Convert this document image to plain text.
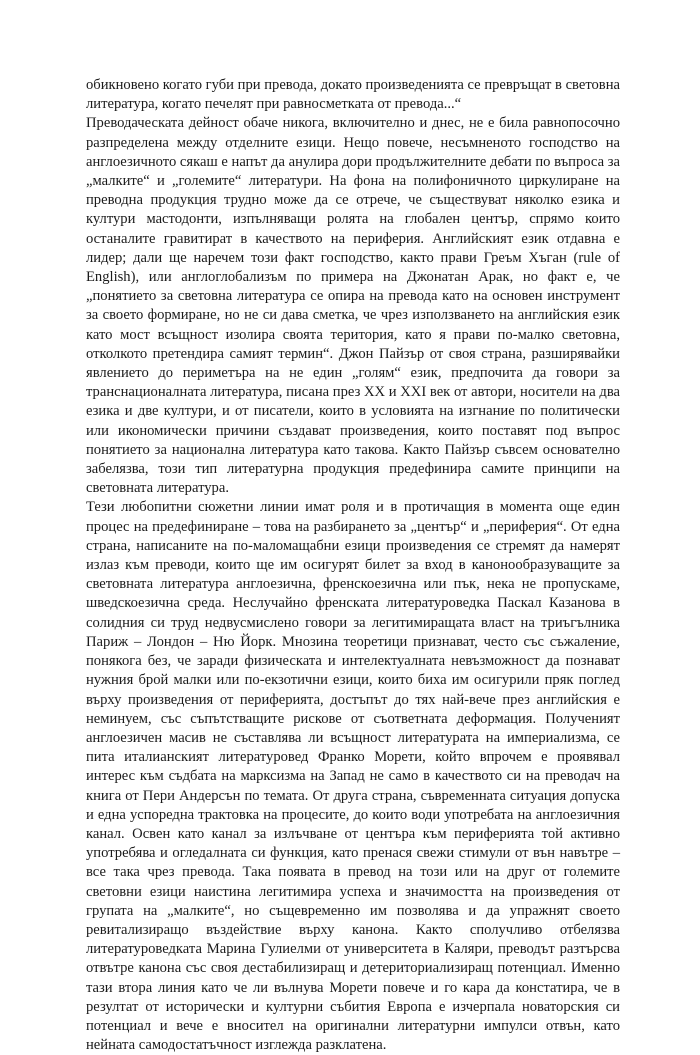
обикновено когато губи при превода, докато произведенията се превръщат в световна литература, когато печелят при равносметката от превода...“

Преводаческата дейност обаче никога, включително и днес, не е била равнопосочно разпределена между отделните езици. Нещо повече, несъмненото господство на англоезичното сякаш е напът да анулира дори продължителните дебати по въпроса за „малките“ и „големите“ литератури. На фона на полифоничното циркулиране на преводна продукция трудно може да се отрече, че съществуват няколко езика и култури мастодонти, изпълняващи ролята на глобален център, спрямо които останалите гравитират в качеството на периферия. Английският език отдавна е лидер; дали ще наречем този факт господство, както прави Греъм Хъган (rule of English), или англоглобализъм по примера на Джонатан Арак, но факт е, че „понятието за световна литература се опира на превода като на основен инструмент за своето формиране, но не си дава сметка, че чрез използването на английския език като мост всъщност изолира своята територия, като я прави по-малко световна, отколкото претендира самият термин“. Джон Пайзър от своя страна, разширявайки явлението до периметъра на не един „голям“ език, предпочита да говори за транснационалната литература, писана през XX и XXI век от автори, носители на два езика и две култури, и от писатели, които в условията на изгнание по политически или икономически причини създават произведения, които поставят под въпрос понятието за национална литература като такова. Както Пайзър съвсем основателно забелязва, този тип литературна продукция предефинира самите принципи на световната литература.

Тези любопитни сюжетни линии имат роля и в протичащия в момента още един процес на предефиниране – това на разбирането за „център“ и „периферия“. От една страна, написаните на по-маломащабни езици произведения се стремят да намерят излаз към преводи, които ще им осигурят билет за вход в канонообразуващите за световната литература англоезична, френскоезична или пък, нека не пропускаме, шведскоезична среда. Неслучайно френската литературоведка Паскал Казанова в солидния си труд недвусмислено говори за легитимиращата власт на триъгълника Париж – Лондон – Ню Йорк. Мнозина теоретици признават, често със съжаление, понякога без, че заради физическата и интелектуалната невъзможност да познават нужния брой малки или по-екзотични езици, които биха им осигурили пряк поглед върху произведения от периферията, достъпът до тях най-вече през английския е неминуем, със съпътстващите рискове от съответната деформация. Полученият англоезичен масив не съставлява ли всъщност литературата на империализма, се пита италианският литературовед Франко Морети, който впрочем е проявявал интерес към съдбата на марксизма на Запад не само в качеството си на преводач на книга от Пери Андерсън по темата. От друга страна, съвременната ситуация допуска и една успоредна трактовка на процесите, до които води употребата на англоезичния канал. Освен като канал за излъчване от центъра към периферията той активно употребява и огледалната си функция, като пренася свежи стимули от вън навътре – все така чрез превода. Така появата в превод на този или на друг от големите световни езици наистина легитимира успеха и значимостта на произведения от групата на „малките“, но същевременно им позволява и да упражнят своето ревитализиращо въздействие върху канона. Както сполучливо отбелязва литературоведката Марина Гулиелми от университета в Каляри, преводът разтърсва отвътре канона със своя дестабилизиращ и детериториализиращ потенциал. Именно тази втора линия като че ли вълнува Морети повече и го кара да констатира, че в резултат от исторически и културни събития Европа е изчерпала новаторския си потенциал и вече е вносител на оригинални литературни импулси отвън, като нейната самодостатъчност изглежда разклатена.
